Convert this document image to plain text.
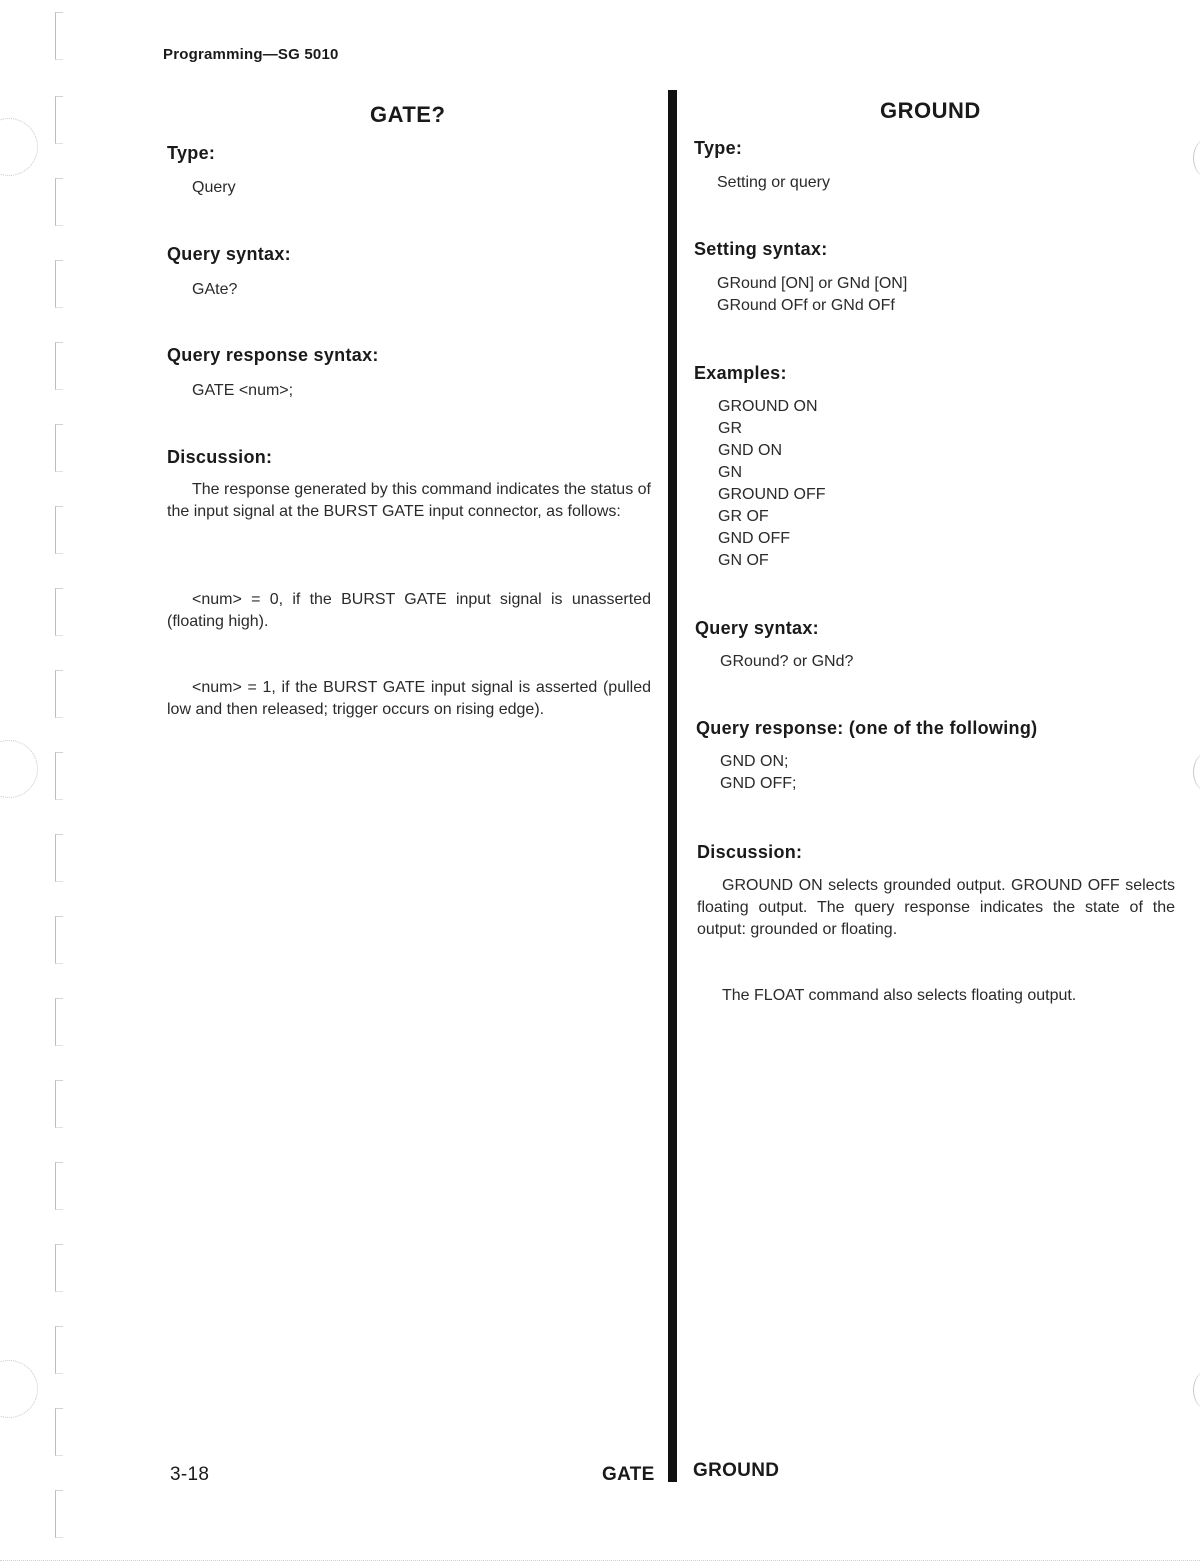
Programming—SG 5010
GATE?
Type:
Query
Query syntax:
GAte?
Query response syntax:
GATE <num>;
Discussion:
The response generated by this command indicates the status of the input signal at the BURST GATE input connector, as follows:
<num> = 0, if the BURST GATE input signal is unasserted (floating high).
<num> = 1, if the BURST GATE input signal is asserted (pulled low and then released; trigger occurs on rising edge).
GROUND
Type:
Setting or query
Setting syntax:
GRound [ON] or GNd [ON]
GRound OFf or GNd OFf
Examples:
GROUND ON
GR
GND ON
GN
GROUND OFF
GR OF
GND OFF
GN OF
Query syntax:
GRound? or GNd?
Query response: (one of the following)
GND ON;
GND OFF;
Discussion:
GROUND ON selects grounded output. GROUND OFF selects floating output. The query response indicates the state of the output: grounded or floating.
The FLOAT command also selects floating output.
3-18	GATE GROUND
